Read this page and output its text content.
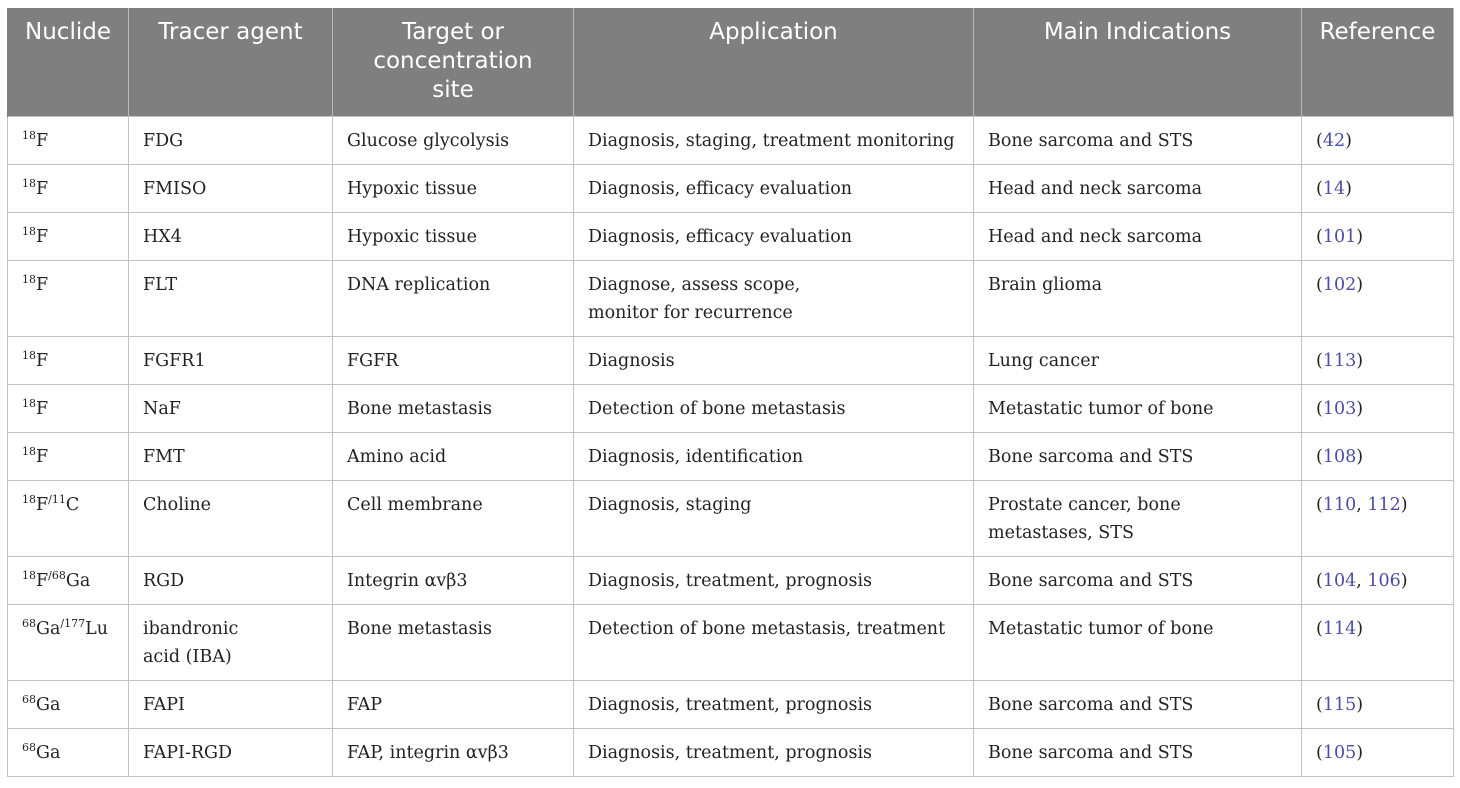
Nuclide	Tracer agent	Target or concentration site	Application	Main Indications	Reference
$^{18}$F	FDG	Glucose glycolysis	Diagnosis, staging, treatment monitoring	Bone sarcoma and STS	(42)
$^{18}$F	FMISO	Hypoxic tissue	Diagnosis, efficacy evaluation	Head and neck sarcoma	(14)
$^{18}$F	HX4	Hypoxic tissue	Diagnosis, efficacy evaluation	Head and neck sarcoma	(101)
$^{18}$F	FLT	DNA replication	Diagnose, assess scope, monitor for recurrence	Brain glioma	(102)
$^{18}$F	FGFR1	FGFR	Diagnosis	Lung cancer	(113)
$^{18}$F	NaF	Bone metastasis	Detection of bone metastasis	Metastatic tumor of bone	(103)
$^{18}$F	FMT	Amino acid	Diagnosis, identification	Bone sarcoma and STS	(108)
$^{18}F^{/11}C$	Choline	Cell membrane	Diagnosis, staging	Prostate cancer, bone metastases, STS	(110, 112)
$^{18}F^{/68}Ga$	RGD	Integrin αvβ3	Diagnosis, treatment, prognosis	Bone sarcoma and STS	(104, 106)
$^{68}Ga^{/177}Lu$	ibandronic acid (IBA)	Bone metastasis	Detection of bone metastasis, treatment	Metastatic tumor of bone	(114)
$^{68}$Ga	FAPI	FAP	Diagnosis, treatment, prognosis	Bone sarcoma and STS	(115)
$^{68}$Ga	FAPI-RGD	FAP, integrin αvβ3	Diagnosis, treatment, prognosis	Bone sarcoma and STS	(105)
